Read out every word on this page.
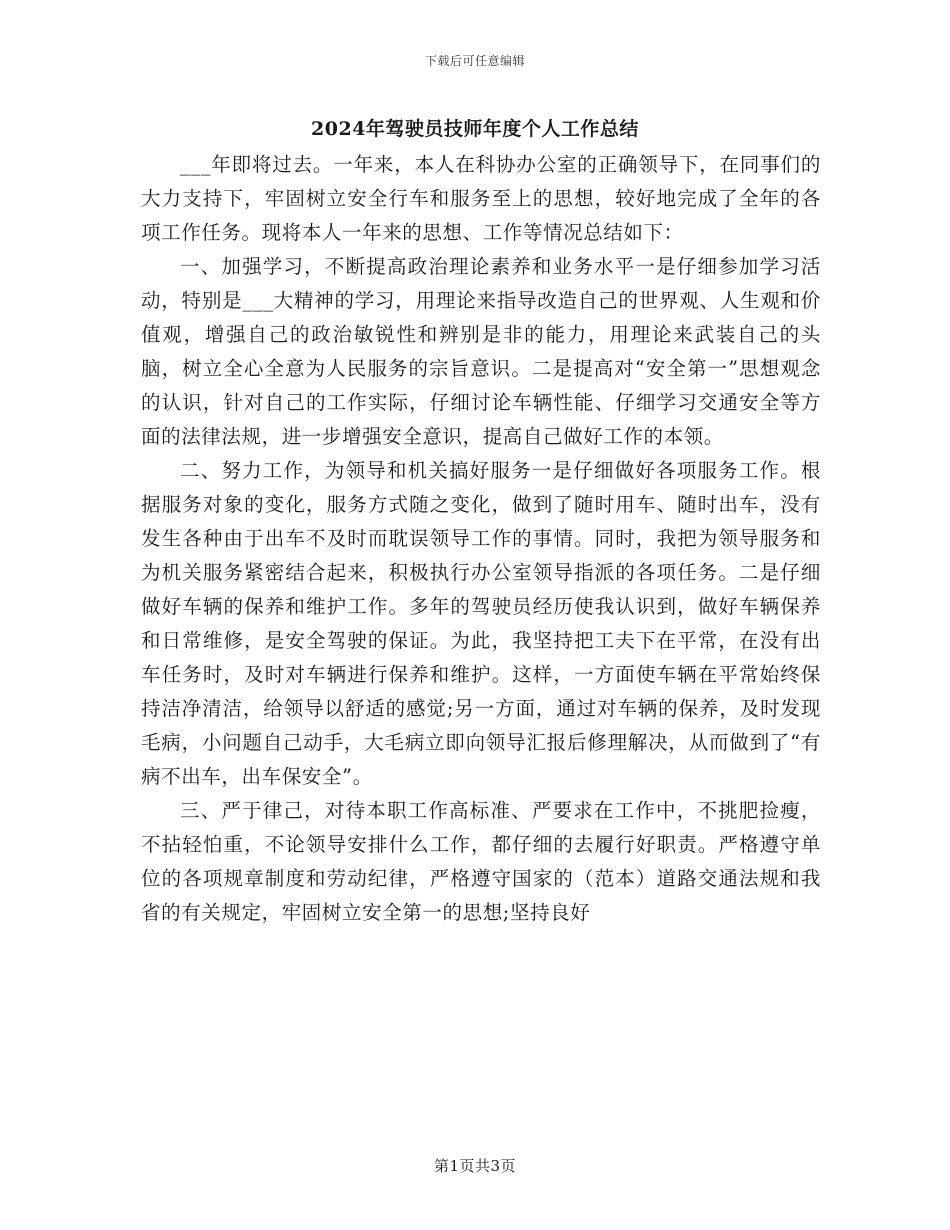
下载后可任意编辑
2024年驾驶员技师年度个人工作总结

___年即将过去。一年来，本人在科协办公室的正确领导下，在同事们的大力支持下，牢固树立安全行车和服务至上的思想，较好地完成了全年的各项工作任务。现将本人一年来的思想、工作等情况总结如下：

一、加强学习，不断提高政治理论素养和业务水平一是仔细参加学习活动，特别是___大精神的学习，用理论来指导改造自己的世界观、人生观和价值观，增强自己的政治敏锐性和辨别是非的能力，用理论来武装自己的头脑，树立全心全意为人民服务的宗旨意识。二是提高对“安全第一”思想观念的认识，针对自己的工作实际，仔细讨论车辆性能、仔细学习交通安全等方面的法律法规，进一步增强安全意识，提高自己做好工作的本领。

二、努力工作，为领导和机关搞好服务一是仔细做好各项服务工作。根据服务对象的变化，服务方式随之变化，做到了随时用车、随时出车，没有发生各种由于出车不及时而耽误领导工作的事情。同时，我把为领导服务和为机关服务紧密结合起来，积极执行办公室领导指派的各项任务。二是仔细做好车辆的保养和维护工作。多年的驾驶员经历使我认识到，做好车辆保养和日常维修，是安全驾驶的保证。为此，我坚持把工夫下在平常，在没有出车任务时，及时对车辆进行保养和维护。这样，一方面使车辆在平常始终保持洁净清洁，给领导以舒适的感觉;另一方面，通过对车辆的保养，及时发现毛病，小问题自己动手，大毛病立即向领导汇报后修理解决，从而做到了“有病不出车，出车保安全”。

三、严于律己，对待本职工作高标准、严要求在工作中，不挑肥捡瘦，不拈轻怕重，不论领导安排什么工作，都仔细的去履行好职责。严格遵守单位的各项规章制度和劳动纪律，严格遵守国家的（范本）道路交通法规和我省的有关规定，牢固树立安全第一的思想;坚持良好

第1页共3页
